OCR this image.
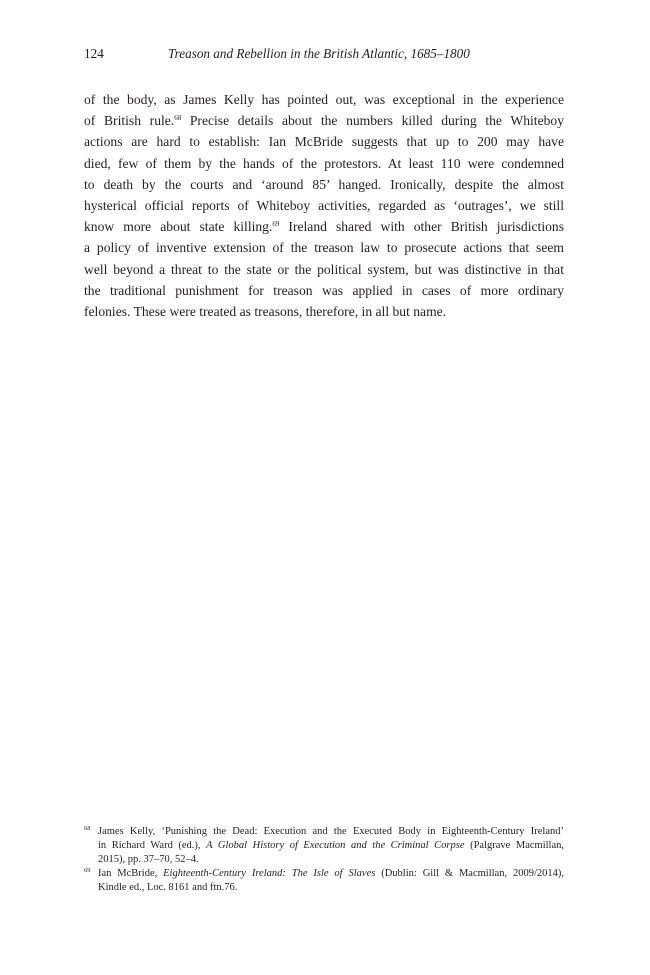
124	Treason and Rebellion in the British Atlantic, 1685–1800
of the body, as James Kelly has pointed out, was exceptional in the experience
of British rule.$^{68}$ Precise details about the numbers killed during the Whiteboy
actions are hard to establish: Ian McBride suggests that up to 200 may have
died, few of them by the hands of the protestors. At least 110 were condemned
to death by the courts and ‘around 85’ hanged. Ironically, despite the almost
hysterical official reports of Whiteboy activities, regarded as ‘outrages’, we still
know more about state killing.$^{69}$ Ireland shared with other British jurisdictions
a policy of inventive extension of the treason law to prosecute actions that seem
well beyond a threat to the state or the political system, but was distinctive in that
the traditional punishment for treason was applied in cases of more ordinary
felonies. These were treated as treasons, therefore, in all but name.
68 James Kelly, ‘Punishing the Dead: Execution and the Executed Body in Eighteenth-Century Ireland’
in Richard Ward (ed.), A Global History of Execution and the Criminal Corpse (Palgrave Macmillan,
2015), pp. 37–70, 52–4.
69 Ian McBride, Eighteenth-Century Ireland: The Isle of Slaves (Dublin: Gill & Macmillan, 2009/2014),
Kindle ed., Loc. 8161 and ftn.76.
